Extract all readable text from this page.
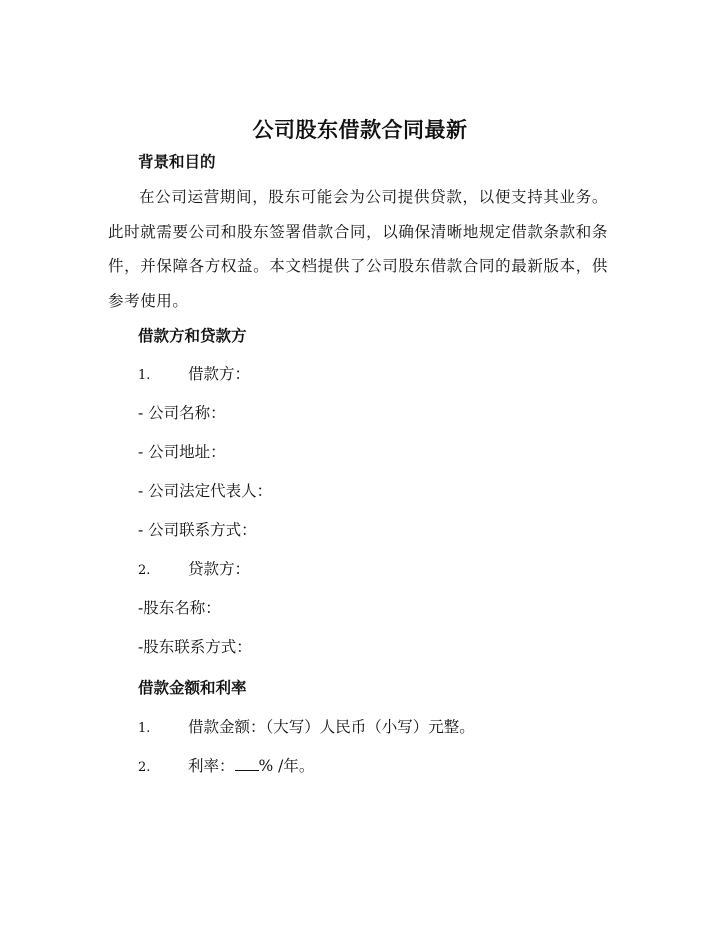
公司股东借款合同最新
背景和目的
在公司运营期间，股东可能会为公司提供贷款，以便支持其业务。此时就需要公司和股东签署借款合同，以确保清晰地规定借款条款和条件，并保障各方权益。本文档提供了公司股东借款合同的最新版本，供参考使用。
借款方和贷款方
1. 借款方：
- 公司名称：
- 公司地址：
- 公司法定代表人：
- 公司联系方式：
2. 贷款方：
-股东名称：
-股东联系方式：
借款金额和利率
1. 借款金额：（大写）人民币（小写）元整。
2. 利率： % /年。
